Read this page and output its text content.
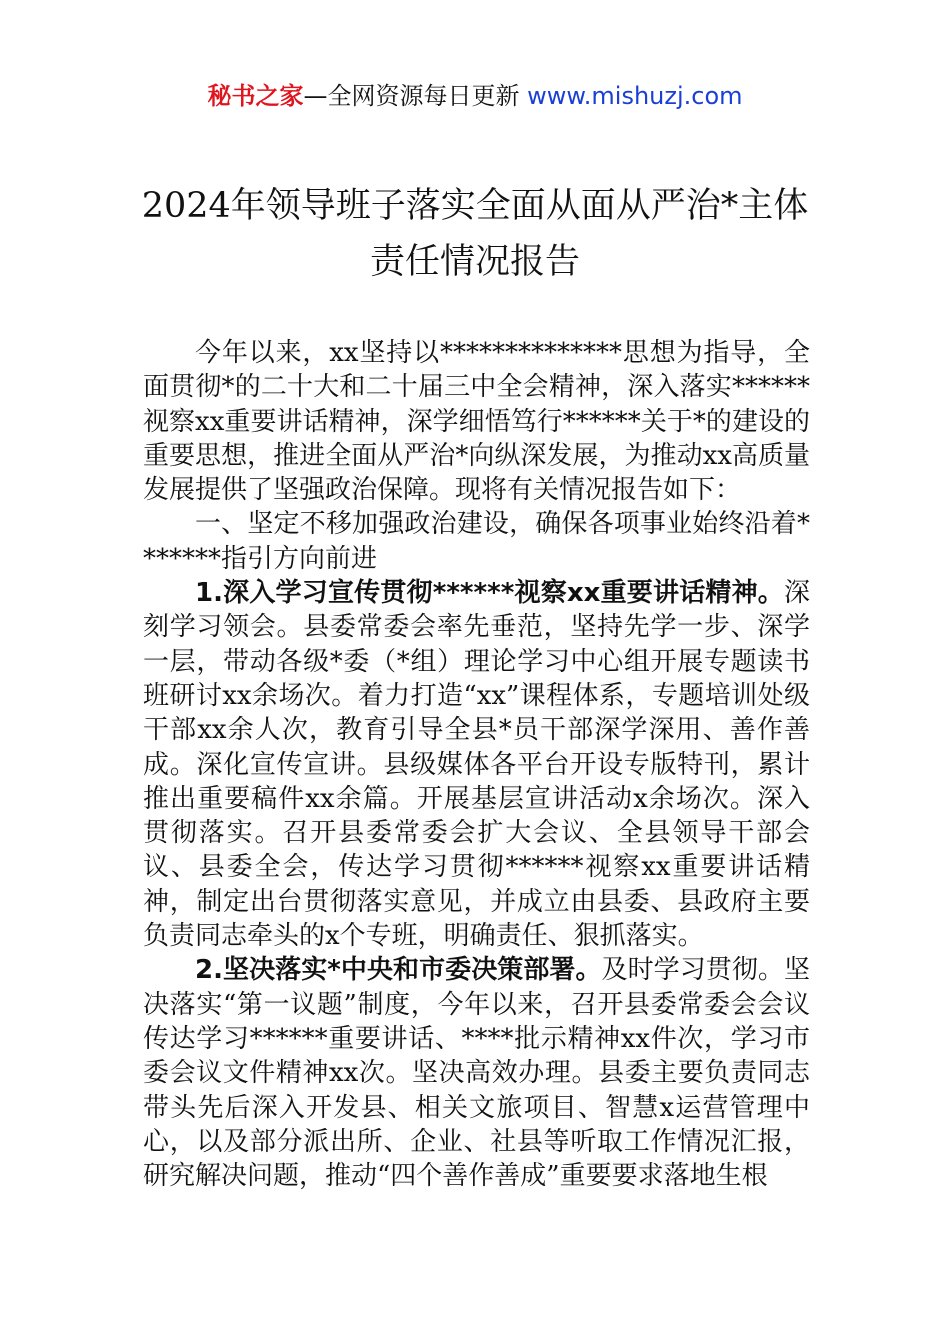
秘书之家—全网资源每日更新 www.mishuzj.com
2024年领导班子落实全面从面从严治*主体责任情况报告

今年以来，xx坚持以**************思想为指导，全面贯彻*的二十大和二十届三中全会精神，深入落实******视察xx重要讲话精神，深学细悟笃行******关于*的建设的重要思想，推进全面从严治*向纵深发展，为推动xx高质量发展提供了坚强政治保障。现将有关情况报告如下：

一、坚定不移加强政治建设，确保各项事业始终沿着*******指引方向前进

1.深入学习宣传贯彻******视察xx重要讲话精神。深刻学习领会。县委常委会率先垂范，坚持先学一步、深学一层，带动各级*委（*组）理论学习中心组开展专题读书班研讨xx余场次。着力打造“xx”课程体系，专题培训处级干部xx余人次，教育引导全县*员干部深学深用、善作善成。深化宣传宣讲。县级媒体各平台开设专版特刊，累计推出重要稿件xx余篇。开展基层宣讲活动x余场次。深入贯彻落实。召开县委常委会扩大会议、全县领导干部会议、县委全会，传达学习贯彻******视察xx重要讲话精神，制定出台贯彻落实意见，并成立由县委、县政府主要负责同志牵头的x个专班，明确责任、狠抓落实。

2.坚决落实*中央和市委决策部署。及时学习贯彻。坚决落实“第一议题”制度，今年以来，召开县委常委会会议传达学习******重要讲话、****批示精神xx件次，学习市委会议文件精神xx次。坚决高效办理。县委主要负责同志带头先后深入开发县、相关文旅项目、智慧x运营管理中心，以及部分派出所、企业、社县等听取工作情况汇报，研究解决问题，推动“四个善作善成”重要要求落地生根
